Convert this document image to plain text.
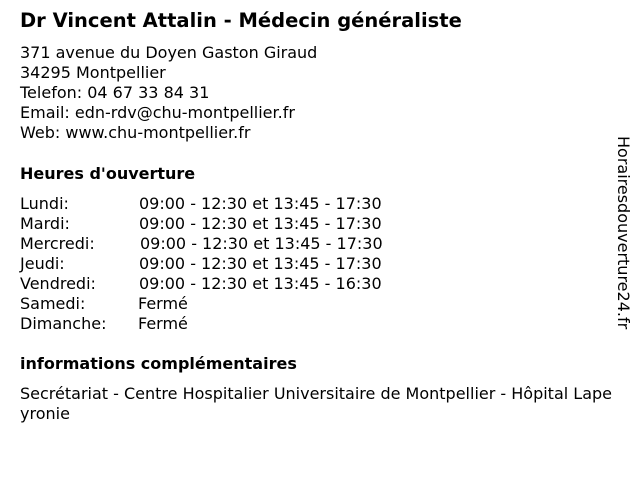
Dr Vincent Attalin - Médecin généraliste
371 avenue du Doyen Gaston Giraud
34295 Montpellier
Telefon: 04 67 33 84 31
Email: edn-rdv@chu-montpellier.fr
Web: www.chu-montpellier.fr
Heures d'ouverture
Lundi:	09:00 - 12:30 et 13:45 - 17:30
Mardi:	09:00 - 12:30 et 13:45 - 17:30
Mercredi:	09:00 - 12:30 et 13:45 - 17:30
Jeudi:	09:00 - 12:30 et 13:45 - 17:30
Vendredi:	09:00 - 12:30 et 13:45 - 16:30
Samedi:	Fermé
Dimanche: Fermé
informations complémentaires
Secrétariat - Centre Hospitalier Universitaire de Montpellier - Hôpital Lapeyronie
Horairesdouverture24.fr
